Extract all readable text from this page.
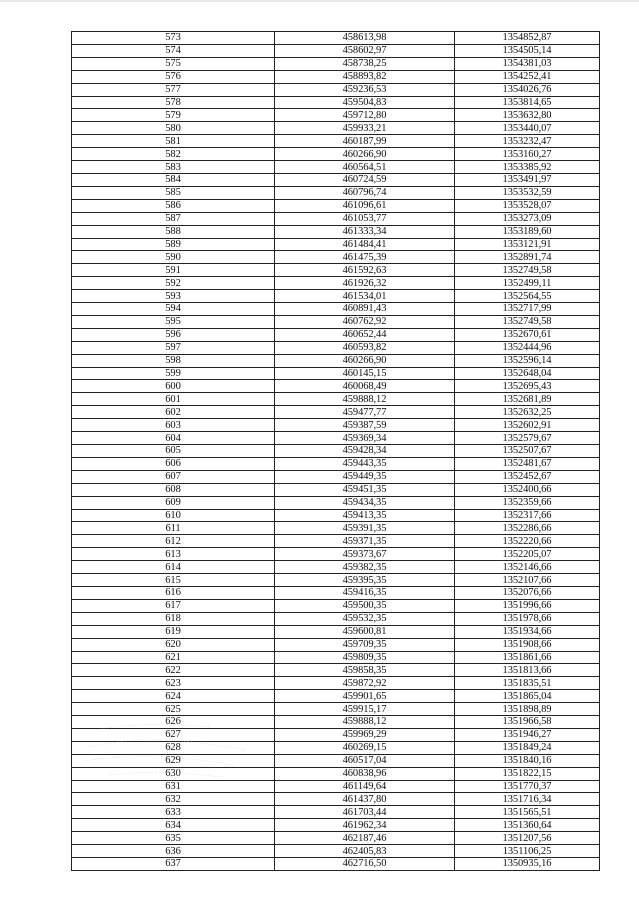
573	458613,98	1354852,87
574	458602,97	1354505,14
575	458738,25	1354381,03
576	458893,82	1354252,41
577	459236,53	1354026,76
578	459504,83	1353814,65
579	459712,80	1353632,80
580	459933,21	1353440,07
581	460187,99	1353232,47
582	460266,90	1353160,27
583	460564,51	1353385,92
584	460724,59	1353491,97
585	460796,74	1353532,59
586	461096,61	1353528,07
587	461053,77	1353273,09
588	461333,34	1353189,60
589	461484,41	1353121,91
590	461475,39	1352891,74
591	461592,63	1352749,58
592	461926,32	1352499,11
593	461534,01	1352564,55
594	460891,43	1352717,99
595	460762,92	1352749,58
596	460652,44	1352670,61
597	460593,82	1352444,96
598	460266,90	1352596,14
599	460145,15	1352648,04
600	460068,49	1352695,43
601	459888,12	1352681,89
602	459477,77	1352632,25
603	459387,59	1352602,91
604	459369,34	1352579,67
605	459428,34	1352507,67
606	459443,35	1352481,67
607	459449,35	1352452,67
608	459451,35	1352400,66
609	459434,35	1352359,66
610	459413,35	1352317,66
611	459391,35	1352286,66
612	459371,35	1352220,66
613	459373,67	1352205,07
614	459382,35	1352146,66
615	459395,35	1352107,66
616	459416,35	1352076,66
617	459500,35	1351996,66
618	459532,35	1351978,66
619	459600,81	1351934,66
620	459709,35	1351908,66
621	459809,35	1351861,66
622	459858,35	1351813,66
623	459872,92	1351835,51
624	459901,65	1351865,04
625	459915,17	1351898,89
626	459888,12	1351966,58
627	459969,29	1351946,27
628	460269,15	1351849,24
629	460517,04	1351840,16
630	460838,96	1351822,15
631	461149,64	1351770,37
632	461437,80	1351716,34
633	461703,44	1351565,51
634	461962,34	1351360,64
635	462187,46	1351207,56
636	462405,83	1351106,25
637	462716,50	1350935,16
